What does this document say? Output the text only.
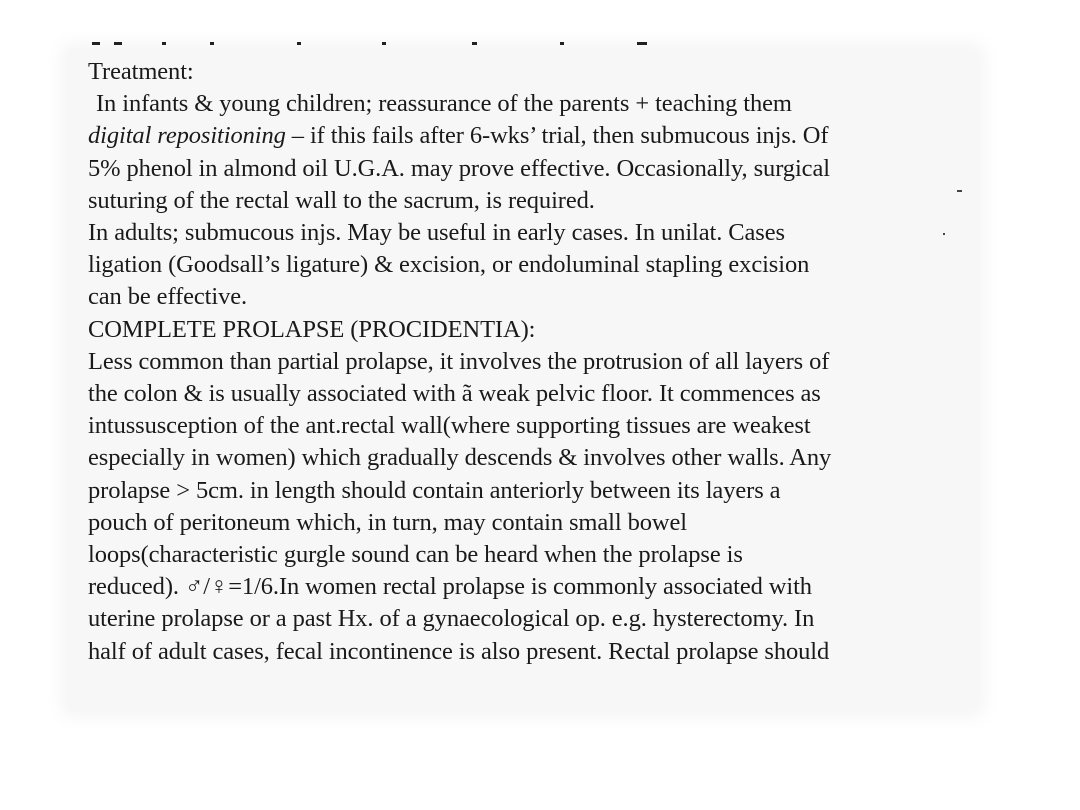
Treatment:
In infants & young children; reassurance of the parents + teaching them
digital repositioning – if this fails after 6-wks’ trial, then submucous injs. Of
5% phenol in almond oil U.G.A. may prove effective. Occasionally, surgical
suturing of the rectal wall to the sacrum, is required.
In adults; submucous injs. May be useful in early cases. In unilat. Cases
ligation (Goodsall’s ligature) & excision, or endoluminal stapling excision
can be effective.
COMPLETE PROLAPSE (PROCIDENTIA):
Less common than partial prolapse, it involves the protrusion of all layers of
the colon & is usually associated with ã weak pelvic floor. It commences as
intussusception of the ant.rectal wall(where supporting tissues are weakest
especially in women) which gradually descends & involves other walls. Any
prolapse > 5cm. in length should contain anteriorly between its layers a
pouch of peritoneum which, in turn, may contain small bowel
loops(characteristic gurgle sound can be heard when the prolapse is
reduced). ♂/♀=1/6.In women rectal prolapse is commonly associated with
uterine prolapse or a past Hx. of a gynaecological op. e.g. hysterectomy. In
half of adult cases, fecal incontinence is also present. Rectal prolapse should
